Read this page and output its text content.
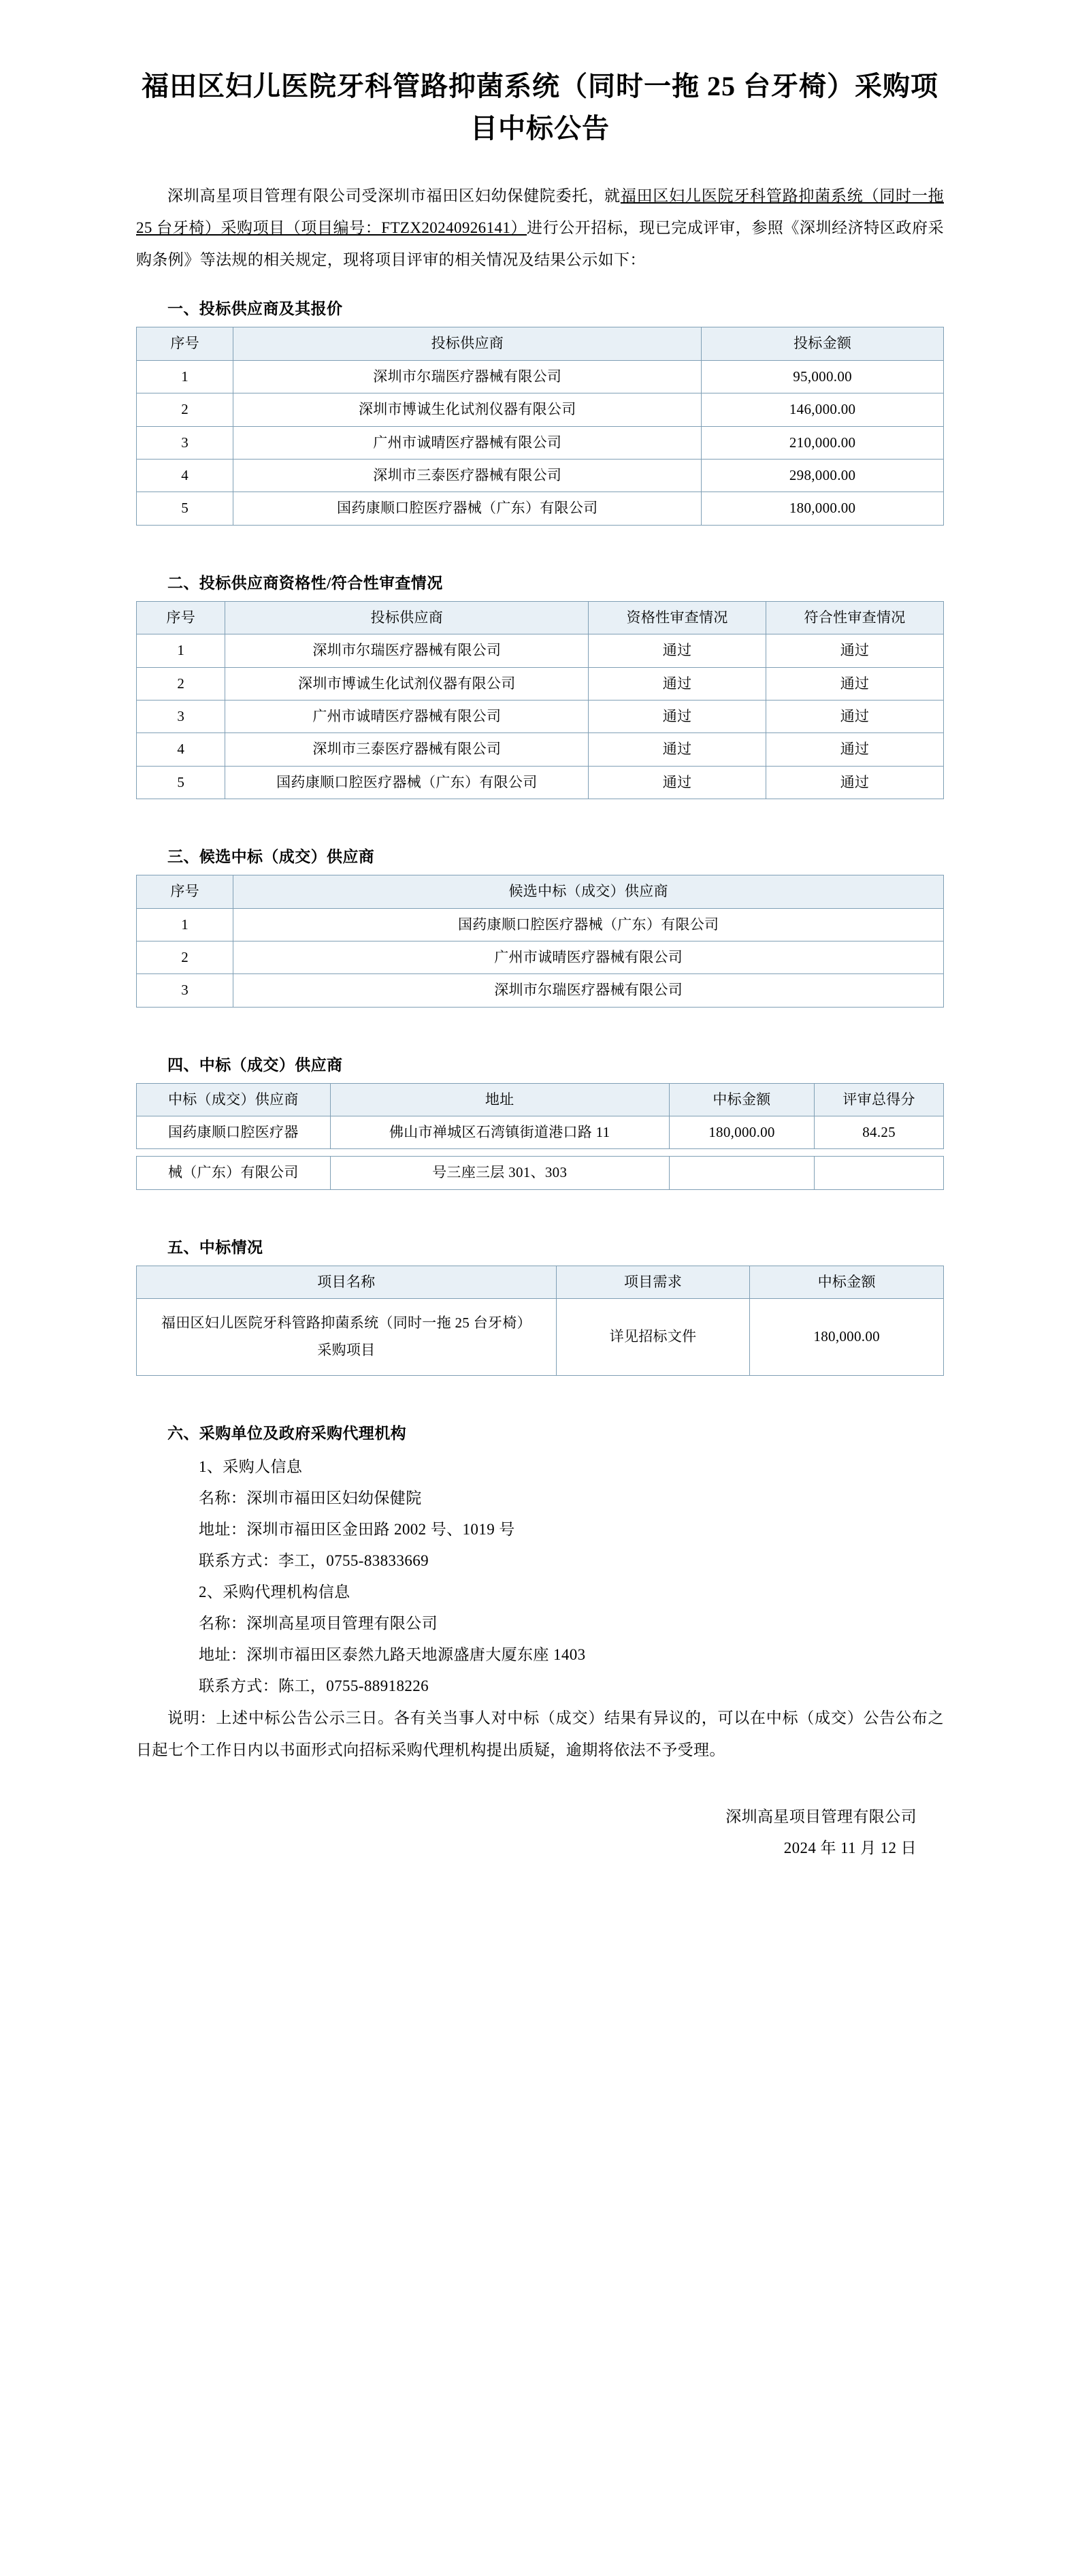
福田区妇儿医院牙科管路抑菌系统（同时一拖 25 台牙椅）采购项目中标公告

深圳高星项目管理有限公司受深圳市福田区妇幼保健院委托，就福田区妇儿医院牙科管路抑菌系统（同时一拖 25 台牙椅）采购项目（项目编号：FTZX20240926141）进行公开招标，现已完成评审，参照《深圳经济特区政府采购条例》等法规的相关规定，现将项目评审的相关情况及结果公示如下：

一、投标供应商及其报价
序号	投标供应商	投标金额
1	深圳市尔瑞医疗器械有限公司	95,000.00
2	深圳市博诚生化试剂仪器有限公司	146,000.00
3	广州市诚晴医疗器械有限公司	210,000.00
4	深圳市三泰医疗器械有限公司	298,000.00
5	国药康顺口腔医疗器械（广东）有限公司	180,000.00
二、投标供应商资格性/符合性审查情况
序号	投标供应商	资格性审查情况	符合性审查情况
1	深圳市尔瑞医疗器械有限公司	通过	通过
2	深圳市博诚生化试剂仪器有限公司	通过	通过
3	广州市诚晴医疗器械有限公司	通过	通过
4	深圳市三泰医疗器械有限公司	通过	通过
5	国药康顺口腔医疗器械（广东）有限公司	通过	通过
三、候选中标（成交）供应商
序号	候选中标（成交）供应商
1	国药康顺口腔医疗器械（广东）有限公司
2	广州市诚晴医疗器械有限公司
3	深圳市尔瑞医疗器械有限公司
四、中标（成交）供应商
中标（成交）供应商	地址	中标金额	评审总得分
国药康顺口腔医疗器	佛山市禅城区石湾镇街道港口路 11	180,000.00	84.25
械（广东）有限公司	号三座三层 301、303		
五、中标情况
项目名称	项目需求	中标金额
福田区妇儿医院牙科管路抑菌系统（同时一拖 25 台牙椅）采购项目	详见招标文件	180,000.00
六、采购单位及政府采购代理机构
1、采购人信息
名称：深圳市福田区妇幼保健院
地址：深圳市福田区金田路 2002 号、1019 号
联系方式：李工，0755-83833669
2、采购代理机构信息
名称：深圳高星项目管理有限公司
地址：深圳市福田区泰然九路天地源盛唐大厦东座 1403
联系方式：陈工，0755-88918226

说明：上述中标公告公示三日。各有关当事人对中标（成交）结果有异议的，可以在中标（成交）公告公布之日起七个工作日内以书面形式向招标采购代理机构提出质疑，逾期将依法不予受理。

深圳高星项目管理有限公司
2024 年 11 月 12 日
